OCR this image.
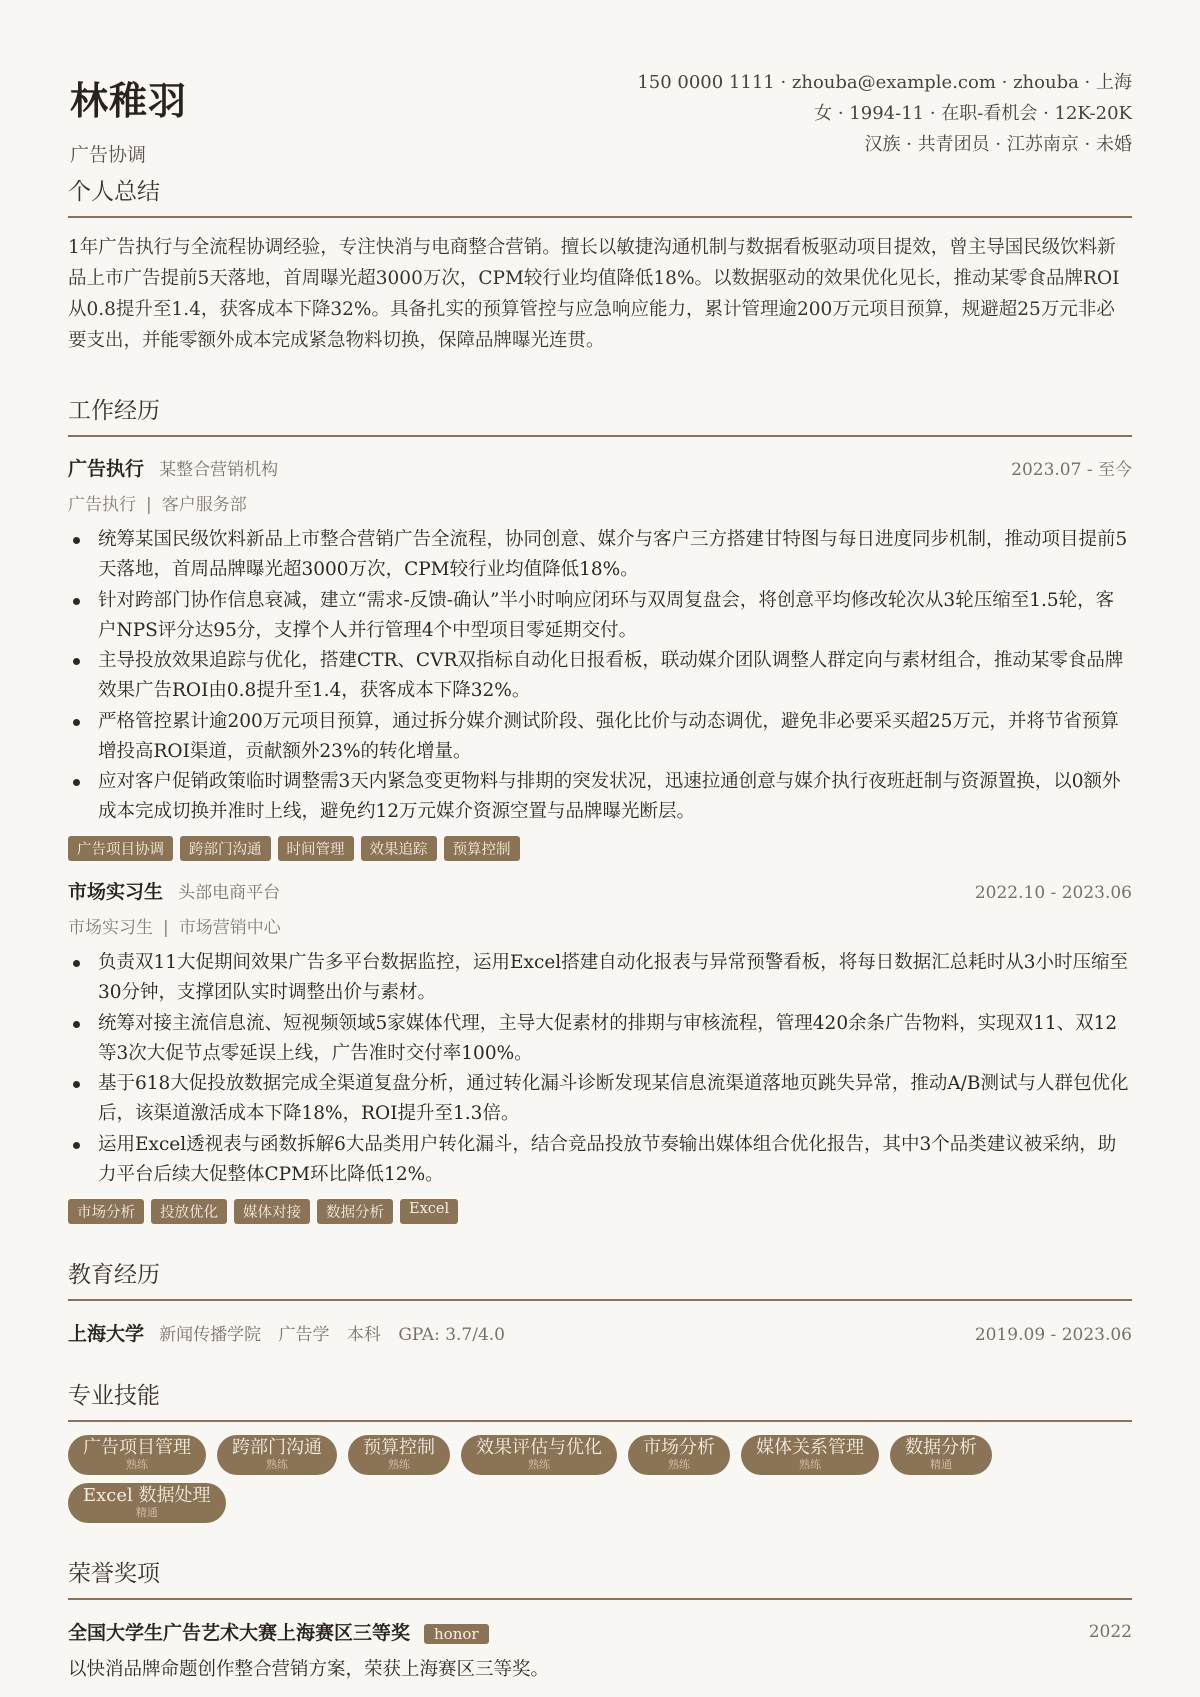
林稚羽
广告协调
150 0000 1111 · zhouba@example.com · zhouba · 上海
女 · 1994-11 · 在职-看机会 · 12K-20K
汉族 · 共青团员 · 江苏南京 · 未婚
个人总结
1年广告执行与全流程协调经验，专注快消与电商整合营销。擅长以敏捷沟通机制与数据看板驱动项目提效，曾主导国民级饮料新品上市广告提前5天落地，首周曝光超3000万次，CPM较行业均值降低18%。以数据驱动的效果优化见长，推动某零食品牌ROI从0.8提升至1.4，获客成本下降32%。具备扎实的预算管控与应急响应能力，累计管理逾200万元项目预算，规避超25万元非必要支出，并能零额外成本完成紧急物料切换，保障品牌曝光连贯。
工作经历
广告执行 某整合营销机构	2023.07 - 至今
广告执行 | 客户服务部
统筹某国民级饮料新品上市整合营销广告全流程，协同创意、媒介与客户三方搭建甘特图与每日进度同步机制，推动项目提前5天落地，首周品牌曝光超3000万次，CPM较行业均值降低18%。
针对跨部门协作信息衰减，建立“需求-反馈-确认”半小时响应闭环与双周复盘会，将创意平均修改轮次从3轮压缩至1.5轮，客户NPS评分达95分，支撑个人并行管理4个中型项目零延期交付。
主导投放效果追踪与优化，搭建CTR、CVR双指标自动化日报看板，联动媒介团队调整人群定向与素材组合，推动某零食品牌效果广告ROI由0.8提升至1.4，获客成本下降32%。
严格管控累计逾200万元项目预算，通过拆分媒介测试阶段、强化比价与动态调优，避免非必要采买超25万元，并将节省预算增投高ROI渠道，贡献额外23%的转化增量。
应对客户促销政策临时调整需3天内紧急变更物料与排期的突发状况，迅速拉通创意与媒介执行夜班赶制与资源置换，以0额外成本完成切换并准时上线，避免约12万元媒介资源空置与品牌曝光断层。
广告项目协调	跨部门沟通	时间管理	效果追踪	预算控制
市场实习生 头部电商平台	2022.10 - 2023.06
市场实习生 | 市场营销中心
负责双11大促期间效果广告多平台数据监控，运用Excel搭建自动化报表与异常预警看板，将每日数据汇总耗时从3小时压缩至30分钟，支撑团队实时调整出价与素材。
统筹对接主流信息流、短视频领域5家媒体代理，主导大促素材的排期与审核流程，管理420余条广告物料，实现双11、双12等3次大促节点零延误上线，广告准时交付率100%。
基于618大促投放数据完成全渠道复盘分析，通过转化漏斗诊断发现某信息流渠道落地页跳失异常，推动A/B测试与人群包优化后，该渠道激活成本下降18%，ROI提升至1.3倍。
运用Excel透视表与函数拆解6大品类用户转化漏斗，结合竞品投放节奏输出媒体组合优化报告，其中3个品类建议被采纳，助力平台后续大促整体CPM环比降低12%。
市场分析	投放优化	媒体对接	数据分析	Excel
教育经历
上海大学 新闻传播学院 广告学 本科 GPA: 3.7/4.0	2019.09 - 2023.06
专业技能
广告项目管理
熟练
跨部门沟通
熟练
预算控制
熟练
效果评估与优化
熟练
市场分析
熟练
媒体关系管理
熟练
数据分析
精通
Excel 数据处理
精通
荣誉奖项
全国大学生广告艺术大赛上海赛区三等奖 honor	2022
以快消品牌命题创作整合营销方案，荣获上海赛区三等奖。
